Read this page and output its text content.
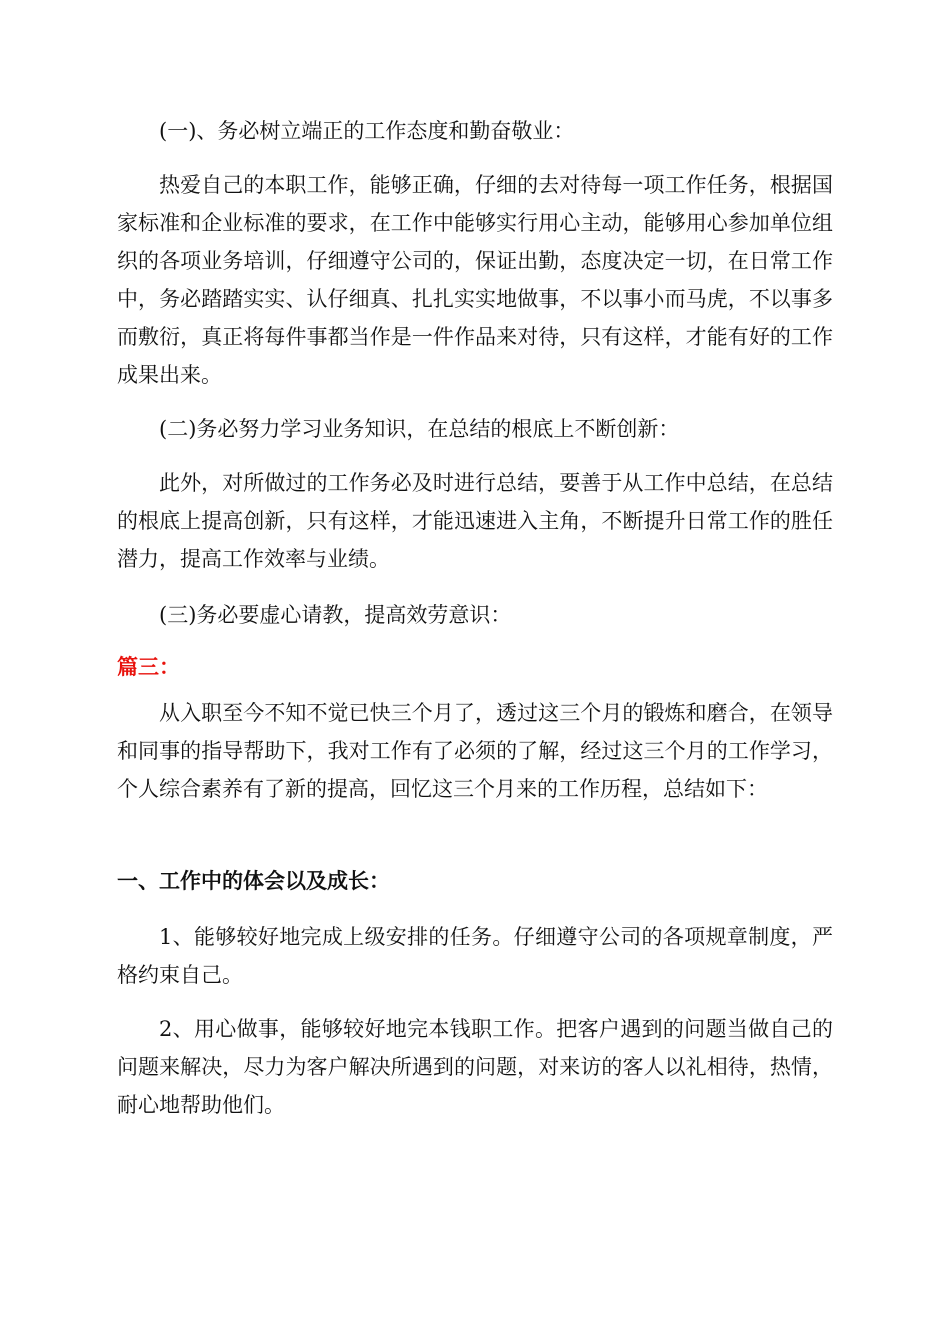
(一)、务必树立端正的工作态度和勤奋敬业：

热爱自己的本职工作，能够正确，仔细的去对待每一项工作任务，根据国家标准和企业标准的要求，在工作中能够实行用心主动，能够用心参加单位组织的各项业务培训，仔细遵守公司的，保证出勤，态度决定一切，在日常工作中，务必踏踏实实、认仔细真、扎扎实实地做事，不以事小而马虎，不以事多而敷衍，真正将每件事都当作是一件作品来对待，只有这样，才能有好的工作成果出来。

(二)务必努力学习业务知识，在总结的根底上不断创新：

此外，对所做过的工作务必及时进行总结，要善于从工作中总结，在总结的根底上提高创新，只有这样，才能迅速进入主角，不断提升日常工作的胜任潜力，提高工作效率与业绩。

(三)务必要虚心请教，提高效劳意识：

篇三：

从入职至今不知不觉已快三个月了，透过这三个月的锻炼和磨合，在领导和同事的指导帮助下，我对工作有了必须的了解，经过这三个月的工作学习，个人综合素养有了新的提高，回忆这三个月来的工作历程，总结如下：

一、工作中的体会以及成长：

1、能够较好地完成上级安排的任务。仔细遵守公司的各项规章制度，严格约束自己。

2、用心做事，能够较好地完本钱职工作。把客户遇到的问题当做自己的问题来解决，尽力为客户解决所遇到的问题，对来访的客人以礼相待，热情，耐心地帮助他们。
